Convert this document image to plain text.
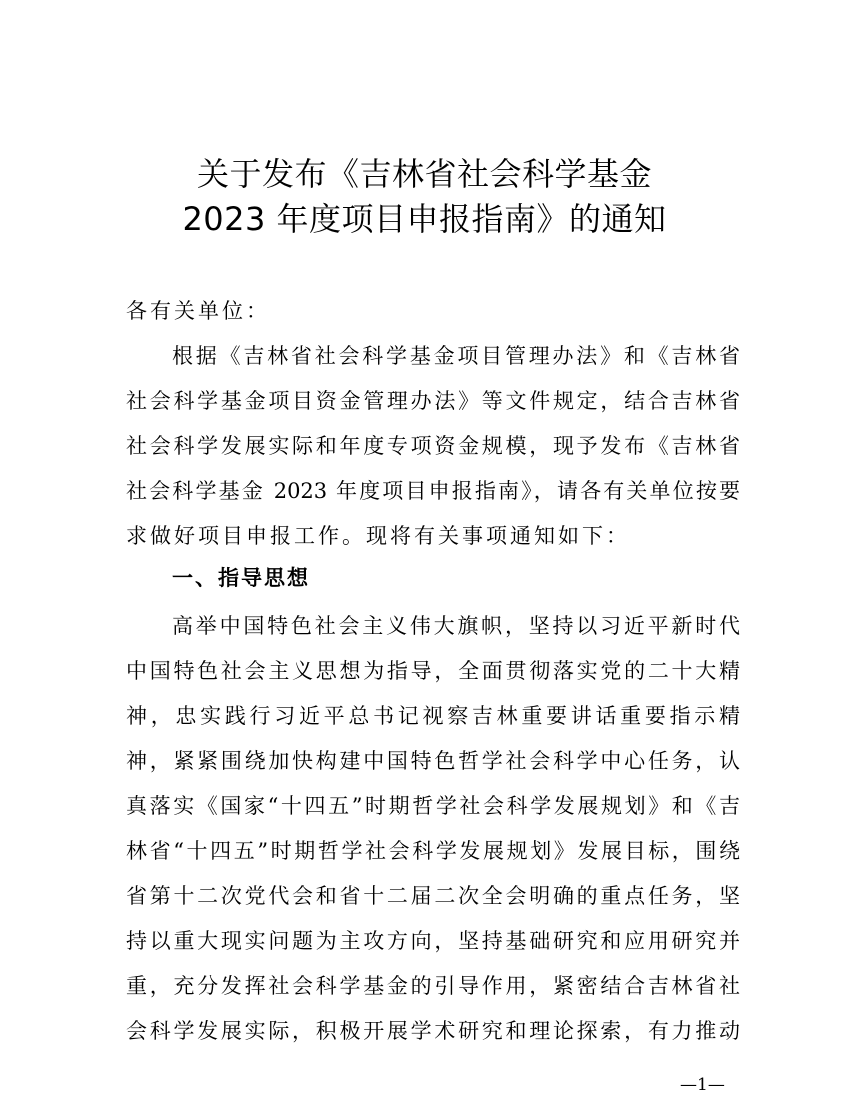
关于发布《吉林省社会科学基金
2023 年度项目申报指南》的通知
各有关单位：
根据《吉林省社会科学基金项目管理办法》和《吉林省
社会科学基金项目资金管理办法》等文件规定，结合吉林省
社会科学发展实际和年度专项资金规模，现予发布《吉林省
社会科学基金 2023 年度项目申报指南》，请各有关单位按要
求做好项目申报工作。现将有关事项通知如下：
一、指导思想
高举中国特色社会主义伟大旗帜，坚持以习近平新时代
中国特色社会主义思想为指导，全面贯彻落实党的二十大精
神，忠实践行习近平总书记视察吉林重要讲话重要指示精
神，紧紧围绕加快构建中国特色哲学社会科学中心任务，认
真落实《国家“十四五”时期哲学社会科学发展规划》和《吉
林省“十四五”时期哲学社会科学发展规划》发展目标，围绕
省第十二次党代会和省十二届二次全会明确的重点任务，坚
持以重大现实问题为主攻方向，坚持基础研究和应用研究并
重，充分发挥社会科学基金的引导作用，紧密结合吉林省社
会科学发展实际，积极开展学术研究和理论探索，有力推动
—1—
